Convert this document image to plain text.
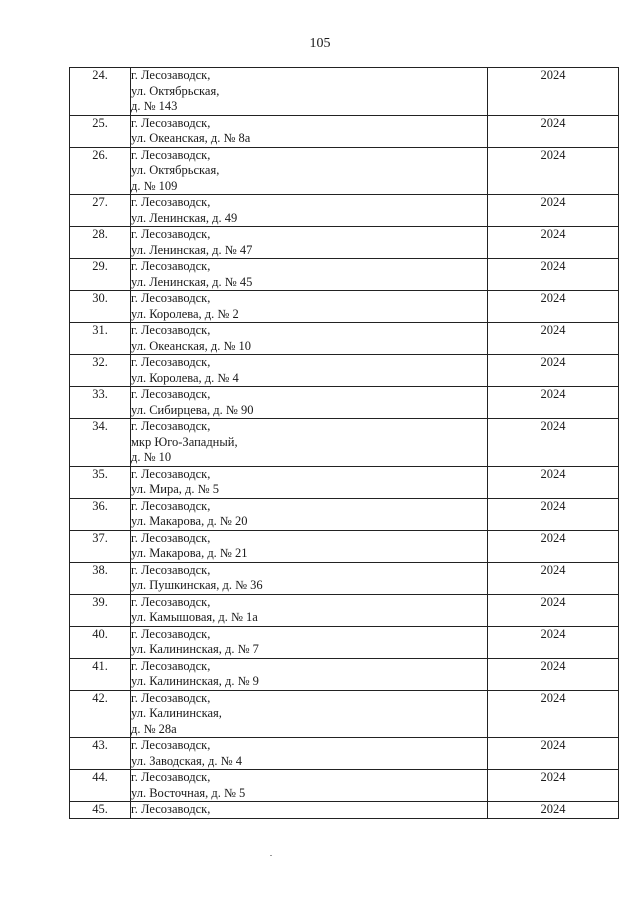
105
24.	г. Лесозаводск,
ул. Октябрьская,
д. № 143	2024
25.	г. Лесозаводск,
ул. Океанская, д. № 8а	2024
26.	г. Лесозаводск,
ул. Октябрьская,
д. № 109	2024
27.	г. Лесозаводск,
ул. Ленинская, д. 49	2024
28.	г. Лесозаводск,
ул. Ленинская, д. № 47	2024
29.	г. Лесозаводск,
ул. Ленинская, д. № 45	2024
30.	г. Лесозаводск,
ул. Королева, д. № 2	2024
31.	г. Лесозаводск,
ул. Океанская, д. № 10	2024
32.	г. Лесозаводск,
ул. Королева, д. № 4	2024
33.	г. Лесозаводск,
ул. Сибирцева, д. № 90	2024
34.	г. Лесозаводск,
мкр Юго-Западный,
д. № 10	2024
35.	г. Лесозаводск,
ул. Мира, д. № 5	2024
36.	г. Лесозаводск,
ул. Макарова, д. № 20	2024
37.	г. Лесозаводск,
ул. Макарова, д. № 21	2024
38.	г. Лесозаводск,
ул. Пушкинская, д. № 36	2024
39.	г. Лесозаводск,
ул. Камышовая, д. № 1а	2024
40.	г. Лесозаводск,
ул. Калининская, д. № 7	2024
41.	г. Лесозаводск,
ул. Калининская, д. № 9	2024
42.	г. Лесозаводск,
ул. Калининская,
д. № 28а	2024
43.	г. Лесозаводск,
ул. Заводская, д. № 4	2024
44.	г. Лесозаводск,
ул. Восточная, д. № 5	2024
45.	г. Лесозаводск,	2024
